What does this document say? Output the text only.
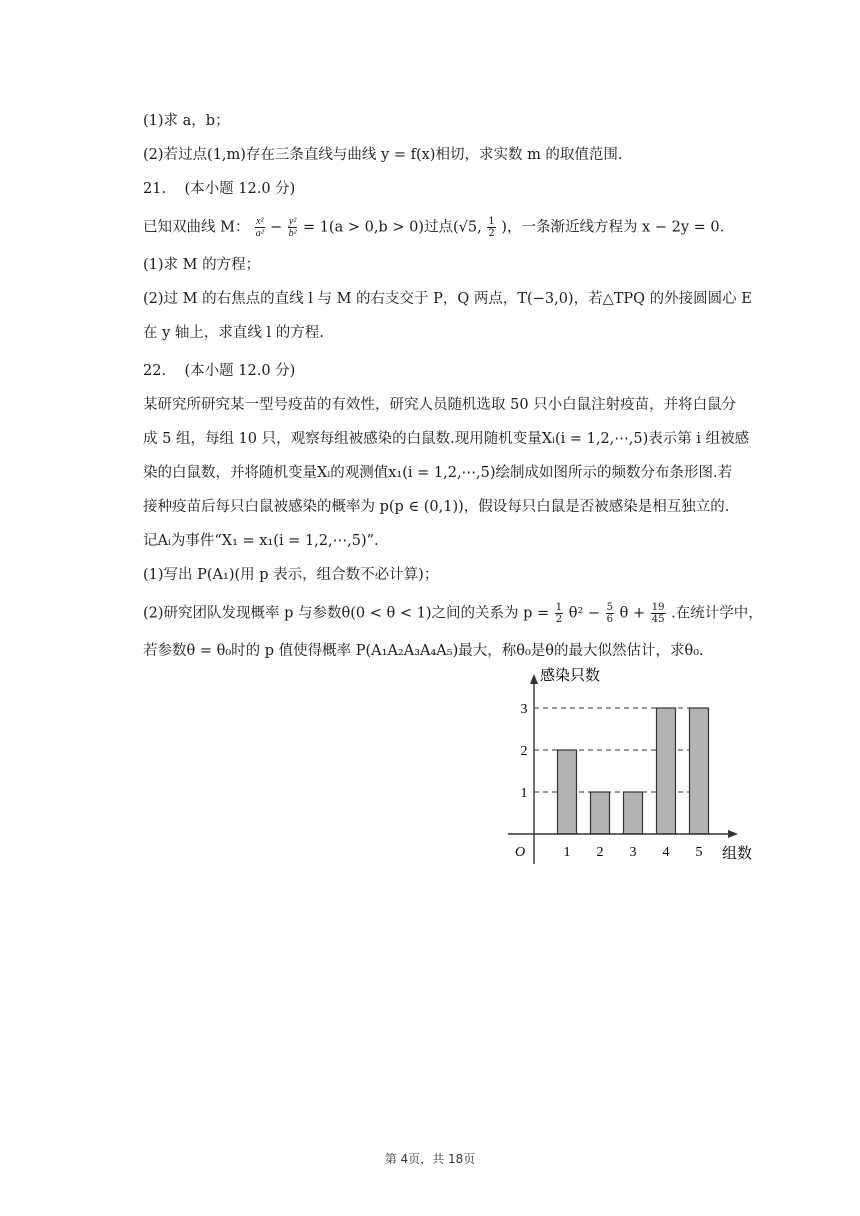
(1)求 a，b；
(2)若过点(1,m)存在三条直线与曲线 y = f(x)相切，求实数 m 的取值范围.
21. (本小题 12.0 分)
已知双曲线 M： $\frac{\text{x²}}{\text{a²}} - \frac{\text{y²}}{\text{b²}} = 1(a > 0,b > 0)$过点(√5, $\frac{1}{2}$ )，一条渐近线方程为 x − 2y = 0.
(1)求 M 的方程；
(2)过 M 的右焦点的直线 l 与 M 的右支交于 P，Q 两点，T(−3,0)，若△TPQ 的外接圆圆心 E
在 y 轴上，求直线 l 的方程.
22. (本小题 12.0 分)
某研究所研究某一型号疫苗的有效性，研究人员随机选取 50 只小白鼠注射疫苗，并将白鼠分
成 5 组，每组 10 只，观察每组被感染的白鼠数.现用随机变量Xᵢ(i = 1,2,⋯,5)表示第 i 组被感
染的白鼠数，并将随机变量Xᵢ的观测值x₁(i = 1,2,⋯,5)绘制成如图所示的频数分布条形图.若
接种疫苗后每只白鼠被感染的概率为 p(p ∈ (0,1))，假设每只白鼠是否被感染是相互独立的.
记Aᵢ为事件“X₁ = x₁(i = 1,2,⋯,5)”.
(1)写出 P(A₁)(用 p 表示，组合数不必计算)；
(2)研究团队发现概率 p 与参数θ(0 < θ < 1)之间的关系为 $p = \frac{1}{2} \theta^2 - \frac{5}{6}$ $\theta + \frac{19}{45}$ .在统计学中，
若参数θ = θ₀时的 p 值使得概率 P(A₁A₂A₃A₄A₅)最大，称θ₀是θ的最大似然估计，求θ₀.
1
2
3
1 2 3 4 5
感染只数
组数
O
第 4页，共 18页
